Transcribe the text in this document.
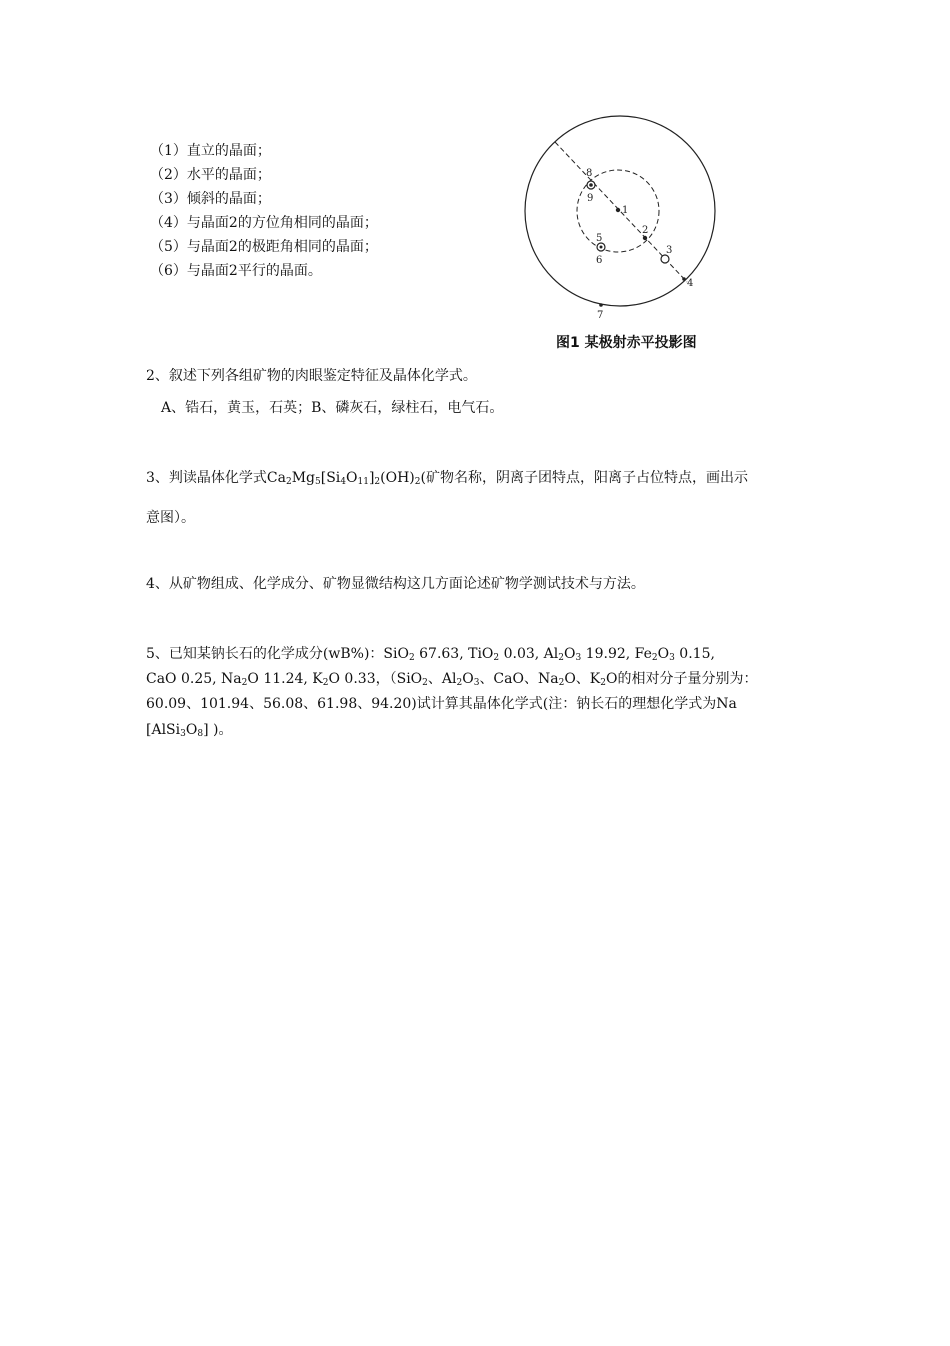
（1）直立的晶面；
（2）水平的晶面；
（3）倾斜的晶面；
（4）与晶面2的方位角相同的晶面；
（5）与晶面2的极距角相同的晶面；
（6）与晶面2平行的晶面。
1
2
3
4
5
6
7
8
9
图1 某极射赤平投影图
2、叙述下列各组矿物的肉眼鉴定特征及晶体化学式。
A、锆石，黄玉，石英；B、磷灰石，绿柱石，电气石。
3、判读晶体化学式$Ca_2Mg_5[Si_4O_{11}]_2(OH)_2$(矿物名称，阴离子团特点，阳离子占位特点，画出示
意图）。
4、从矿物组成、化学成分、矿物显微结构这几方面论述矿物学测试技术与方法。
5、已知某钠长石的化学成分(wB%)：SiO$_2$ 67.63, TiO$_2$ 0.03, $Al_2O_3$ 19.92, $Fe_2O_3$ 0.15,
CaO 0.25, $Na_2O$ 11.24, $K_2O$ 0.33，（SiO$_2$、$Al_2O_3$、CaO、$Na_2O$、$K_2O$的相对分子量分别为：
60.09、101.94、56.08、61.98、94.20)试计算其晶体化学式(注：钠长石的理想化学式为Na
$[AlSi_3O_8]$ )。
